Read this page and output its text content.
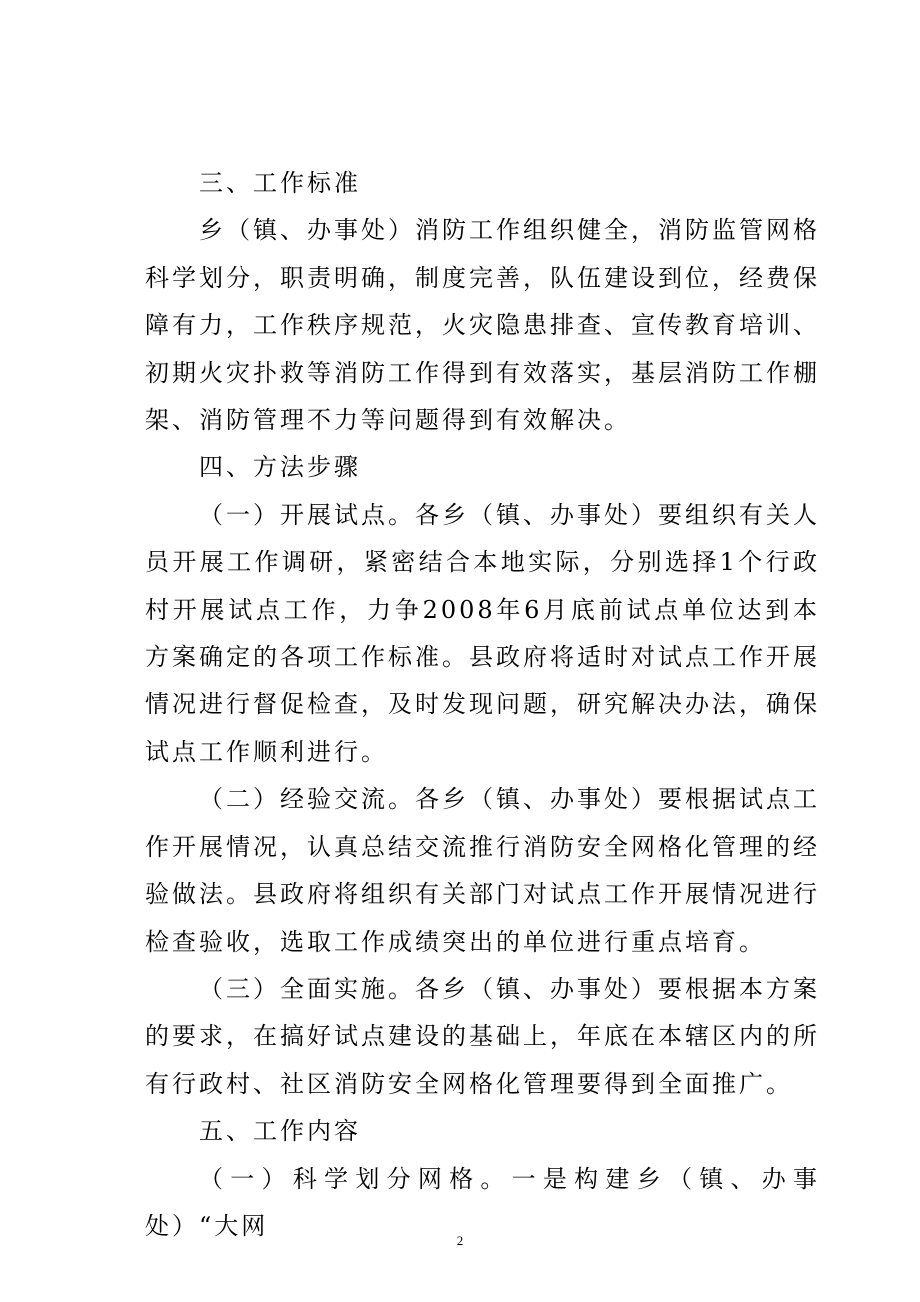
三、工作标准

乡（镇、办事处）消防工作组织健全，消防监管网格科学划分，职责明确，制度完善，队伍建设到位，经费保障有力，工作秩序规范，火灾隐患排查、宣传教育培训、初期火灾扑救等消防工作得到有效落实，基层消防工作棚架、消防管理不力等问题得到有效解决。

四、方法步骤

（一）开展试点。各乡（镇、办事处）要组织有关人员开展工作调研，紧密结合本地实际，分别选择1个行政村开展试点工作，力争2008年6月底前试点单位达到本方案确定的各项工作标准。县政府将适时对试点工作开展情况进行督促检查，及时发现问题，研究解决办法，确保试点工作顺利进行。

（二）经验交流。各乡（镇、办事处）要根据试点工作开展情况，认真总结交流推行消防安全网格化管理的经验做法。县政府将组织有关部门对试点工作开展情况进行检查验收，选取工作成绩突出的单位进行重点培育。

（三）全面实施。各乡（镇、办事处）要根据本方案的要求，在搞好试点建设的基础上，年底在本辖区内的所有行政村、社区消防安全网格化管理要得到全面推广。

五、工作内容

（一）科学划分网格。一是构建乡（镇、办事处）“大网

2
